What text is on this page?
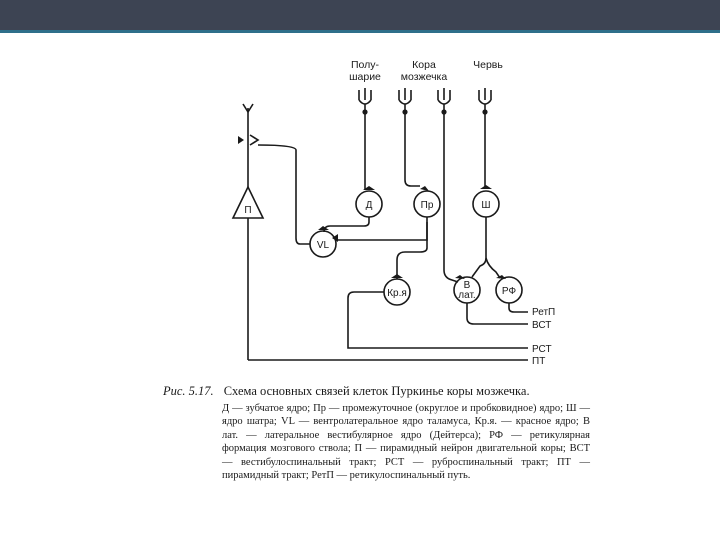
Полу-
шарие
Кора
мозжечка
Червь
П
VL
Д	Пр	Ш
Кр.я
В
лат.	РФ
РетП
ВСТ
РСТ
ПТ
Рис. 5.17. Схема основных связей клеток Пуркинье коры мозжечка.
Д — зубчатое ядро; Пр — промежуточное (округлое и пробковидное) ядро; Ш — ядро шатра; VL — вентролатеральное ядро таламуса, Кр.я. — красное ядро; В лат. — латеральное вестибулярное ядро (Дейтерса); РФ — ретикулярная формация мозгового ствола; П — пирамидный нейрон двигательной коры; ВСТ — вестибулоспинальный тракт; РСТ — руброспинальный тракт; ПТ — пирамидный тракт; РетП — ретикулоспинальный путь.
